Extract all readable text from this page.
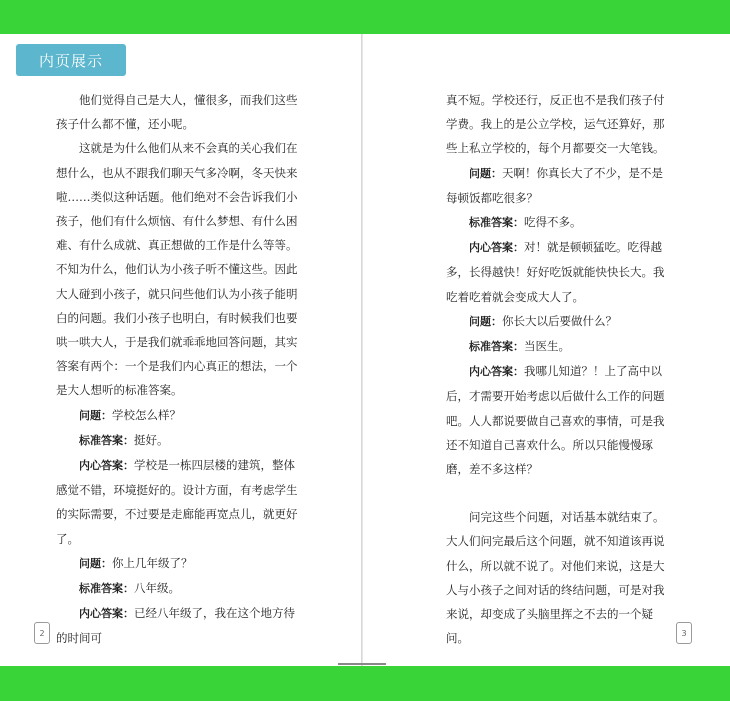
内页展示

他们觉得自己是大人，懂很多，而我们这些孩子什么都不懂，还小呢。

这就是为什么他们从来不会真的关心我们在想什么，也从不跟我们聊天气多冷啊，冬天快来啦……类似这种话题。他们绝对不会告诉我们小孩子，他们有什么烦恼、有什么梦想、有什么困难、有什么成就、真正想做的工作是什么等等。不知为什么，他们认为小孩子听不懂这些。因此大人碰到小孩子，就只问些他们认为小孩子能明白的问题。我们小孩子也明白，有时候我们也要哄一哄大人，于是我们就乖乖地回答问题，其实答案有两个：一个是我们内心真正的想法，一个是大人想听的标准答案。

问题：学校怎么样？

标准答案：挺好。

内心答案：学校是一栋四层楼的建筑，整体感觉不错，环境挺好的。设计方面，有考虑学生的实际需要，不过要是走廊能再宽点儿，就更好了。

问题：你上几年级了？

标准答案：八年级。

内心答案：已经八年级了，我在这个地方待的时间可

2

真不短。学校还行，反正也不是我们孩子付学费。我上的是公立学校，运气还算好，那些上私立学校的，每个月都要交一大笔钱。

问题：天啊！你真长大了不少，是不是每顿饭都吃很多？

标准答案：吃得不多。

内心答案：对！就是顿顿猛吃。吃得越多，长得越快！好好吃饭就能快快长大。我吃着吃着就会变成大人了。

问题：你长大以后要做什么？

标准答案：当医生。

内心答案：我哪儿知道？！上了高中以后，才需要开始考虑以后做什么工作的问题吧。人人都说要做自己喜欢的事情，可是我还不知道自己喜欢什么。所以只能慢慢琢磨，差不多这样？

问完这些个问题，对话基本就结束了。大人们问完最后这个问题，就不知道该再说什么，所以就不说了。对他们来说，这是大人与小孩子之间对话的终结问题，可是对我来说，却变成了头脑里挥之不去的一个疑问。	3
